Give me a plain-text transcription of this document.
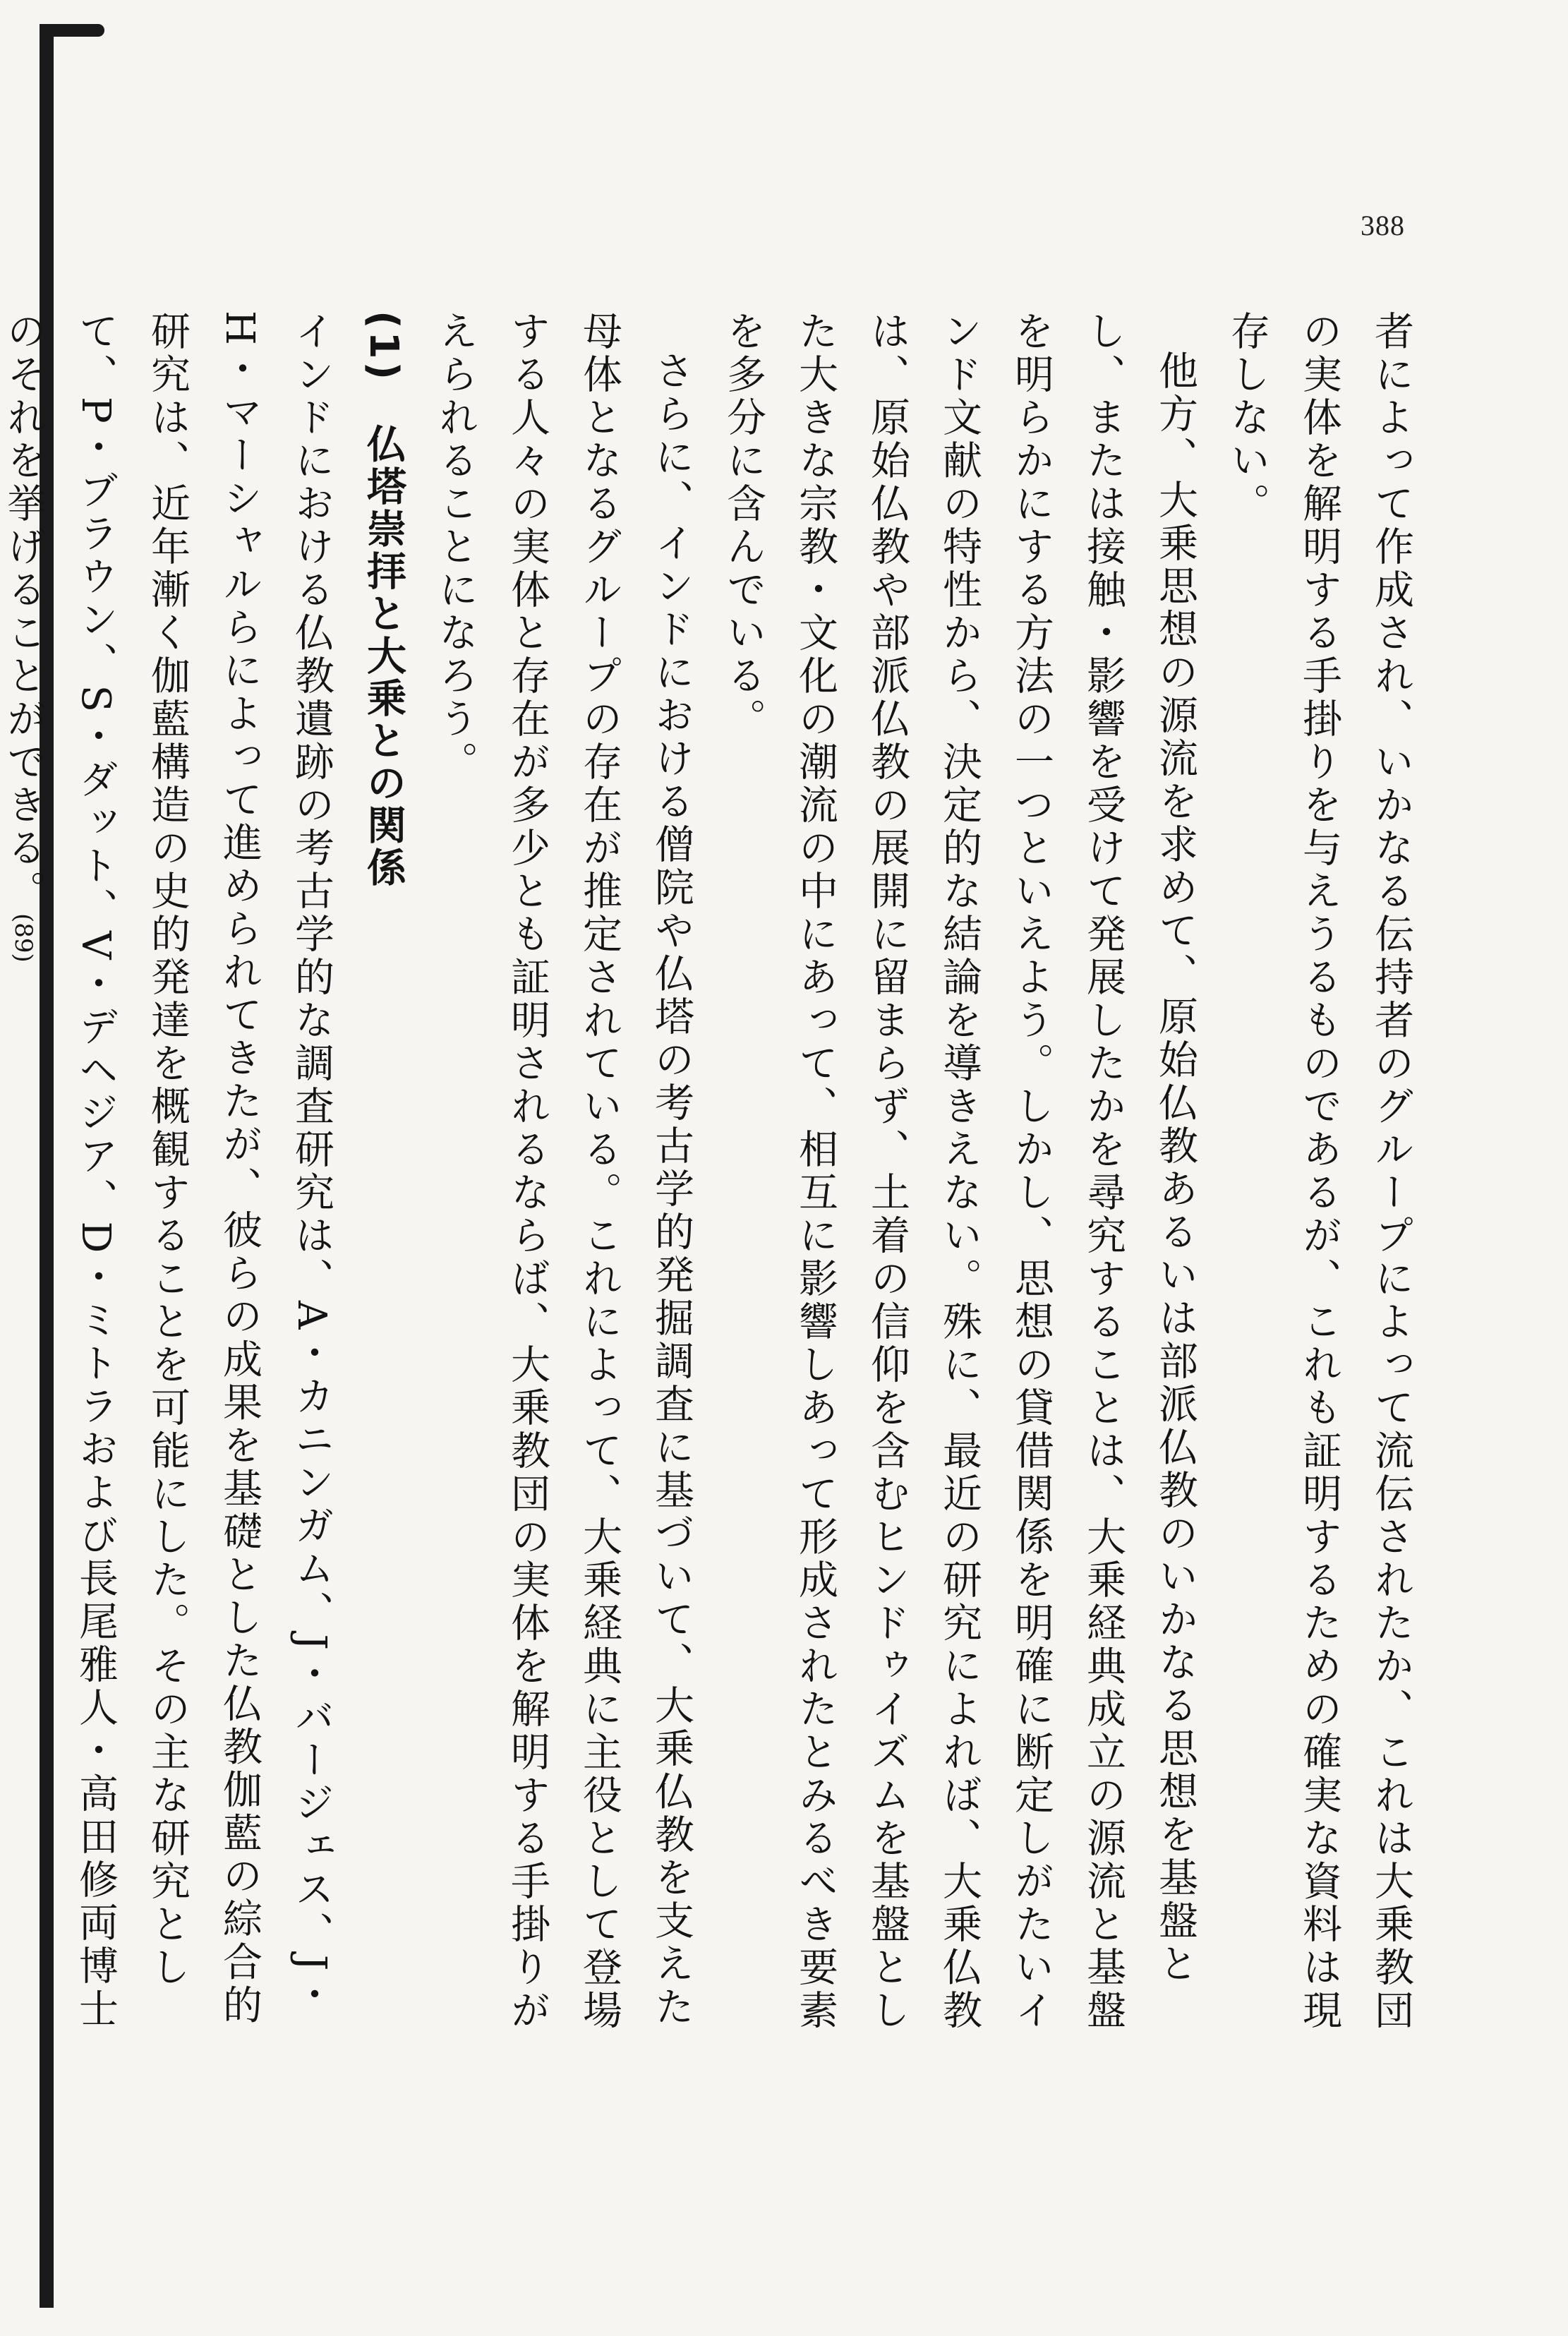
388

者によって作成され、いかなる伝持者のグループによって流伝されたか、これは大乗教団の実体を解明する手掛りを与えうるものであるが、これも証明するための確実な資料は現存しない。

他方、大乗思想の源流を求めて、原始仏教あるいは部派仏教のいかなる思想を基盤とし、または接触・影響を受けて発展したかを尋究することは、大乗経典成立の源流と基盤を明らかにする方法の一つといえよう。しかし、思想の貸借関係を明確に断定しがたいインド文献の特性から、決定的な結論を導きえない。殊に、最近の研究によれば、大乗仏教は、原始仏教や部派仏教の展開に留まらず、土着の信仰を含むヒンドゥイズムを基盤とした大きな宗教・文化の潮流の中にあって、相互に影響しあって形成されたとみるべき要素を多分に含んでいる。

さらに、インドにおける僧院や仏塔の考古学的発掘調査に基づいて、大乗仏教を支えた母体となるグループの存在が推定されている。これによって、大乗経典に主役として登場する人々の実体と存在が多少とも証明されるならば、大乗教団の実体を解明する手掛りがえられることになろう。

(1)仏塔崇拝と大乗との関係

インドにおける仏教遺跡の考古学的な調査研究は、A・カニンガム、J・バージェス、J・H・マーシャルらによって進められてきたが、彼らの成果を基礎とした仏教伽藍の綜合的研究は、近年漸く伽藍構造の史的発達を概観することを可能にした。その主な研究として、P・ブラウン、S・ダット、V・デヘジア、D・ミトラおよび長尾雅人・高田修両博士のそれを挙げることができる。(89)
